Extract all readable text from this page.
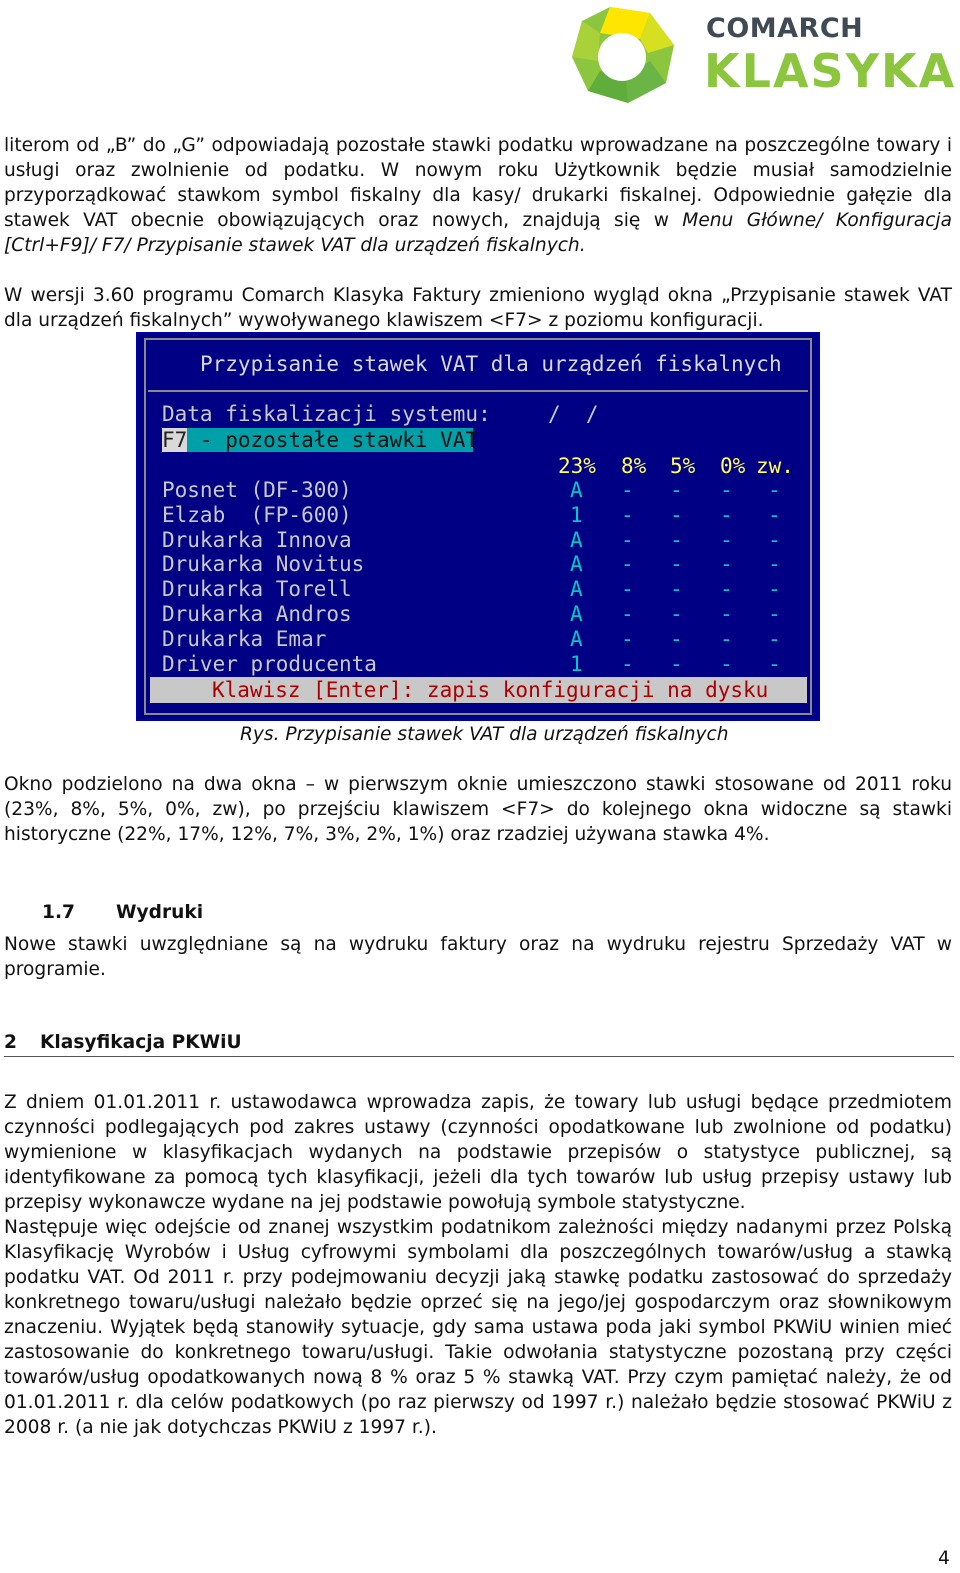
COMARCH
KLASYKA

literom od „B” do „G” odpowiadają pozostałe stawki podatku wprowadzane na poszczególne towary i usługi oraz zwolnienie od podatku. W nowym roku Użytkownik będzie musiał samodzielnie przyporządkować stawkom symbol fiskalny dla kasy/ drukarki fiskalnej. Odpowiednie gałęzie dla stawek VAT obecnie obowiązujących oraz nowych, znajdują się w Menu Główne/ Konfiguracja [Ctrl+F9]/ F7/ Przypisanie stawek VAT dla urządzeń fiskalnych.

W wersji 3.60 programu Comarch Klasyka Faktury zmieniono wygląd okna „Przypisanie stawek VAT dla urządzeń fiskalnych” wywoływanego klawiszem <F7> z poziomu konfiguracji.

Przypisanie stawek VAT dla urządzeń fiskalnych
Data fiskalizacji systemu:	/  /
F7 - pozostałe stawki VAT
23% 8% 5% 0% zw.
Posnet (DF-300)	A - - - -
Elzab  (FP-600)	1 - - - -
Drukarka Innova	A - - - -
Drukarka Novitus	A - - - -
Drukarka Torell	A - - - -
Drukarka Andros	A - - - -
Drukarka Emar	A - - - -
Driver producenta	1 - - - -
Klawisz [Enter]: zapis konfiguracji na dysku
Rys. Przypisanie stawek VAT dla urządzeń fiskalnych

Okno podzielono na dwa okna – w pierwszym oknie umieszczono stawki stosowane od 2011 roku (23%, 8%, 5%, 0%, zw), po przejściu klawiszem <F7> do kolejnego okna widoczne są stawki historyczne (22%, 17%, 12%, 7%, 3%, 2%, 1%) oraz rzadziej używana stawka 4%.

1.7 Wydruki

Nowe stawki uwzględniane są na wydruku faktury oraz na wydruku rejestru Sprzedaży VAT w programie.

2 Klasyfikacja PKWiU

Z dniem 01.01.2011 r. ustawodawca wprowadza zapis, że towary lub usługi będące przedmiotem czynności podlegających pod zakres ustawy (czynności opodatkowane lub zwolnione od podatku) wymienione w klasyfikacjach wydanych na podstawie przepisów o statystyce publicznej, są identyfikowane za pomocą tych klasyfikacji, jeżeli dla tych towarów lub usług przepisy ustawy lub przepisy wykonawcze wydane na jej podstawie powołują symbole statystyczne.

Następuje więc odejście od znanej wszystkim podatnikom zależności między nadanymi przez Polską Klasyfikację Wyrobów i Usług cyfrowymi symbolami dla poszczególnych towarów/usług a stawką podatku VAT. Od 2011 r. przy podejmowaniu decyzji jaką stawkę podatku zastosować do sprzedaży konkretnego towaru/usługi należało będzie oprzeć się na jego/jej gospodarczym oraz słownikowym znaczeniu. Wyjątek będą stanowiły sytuacje, gdy sama ustawa poda jaki symbol PKWiU winien mieć zastosowanie do konkretnego towaru/usługi. Takie odwołania statystyczne pozostaną przy części towarów/usług opodatkowanych nową 8 % oraz 5 % stawką VAT. Przy czym pamiętać należy, że od 01.01.2011 r. dla celów podatkowych (po raz pierwszy od 1997 r.) należało będzie stosować PKWiU z 2008 r. (a nie jak dotychczas PKWiU z 1997 r.).

4
